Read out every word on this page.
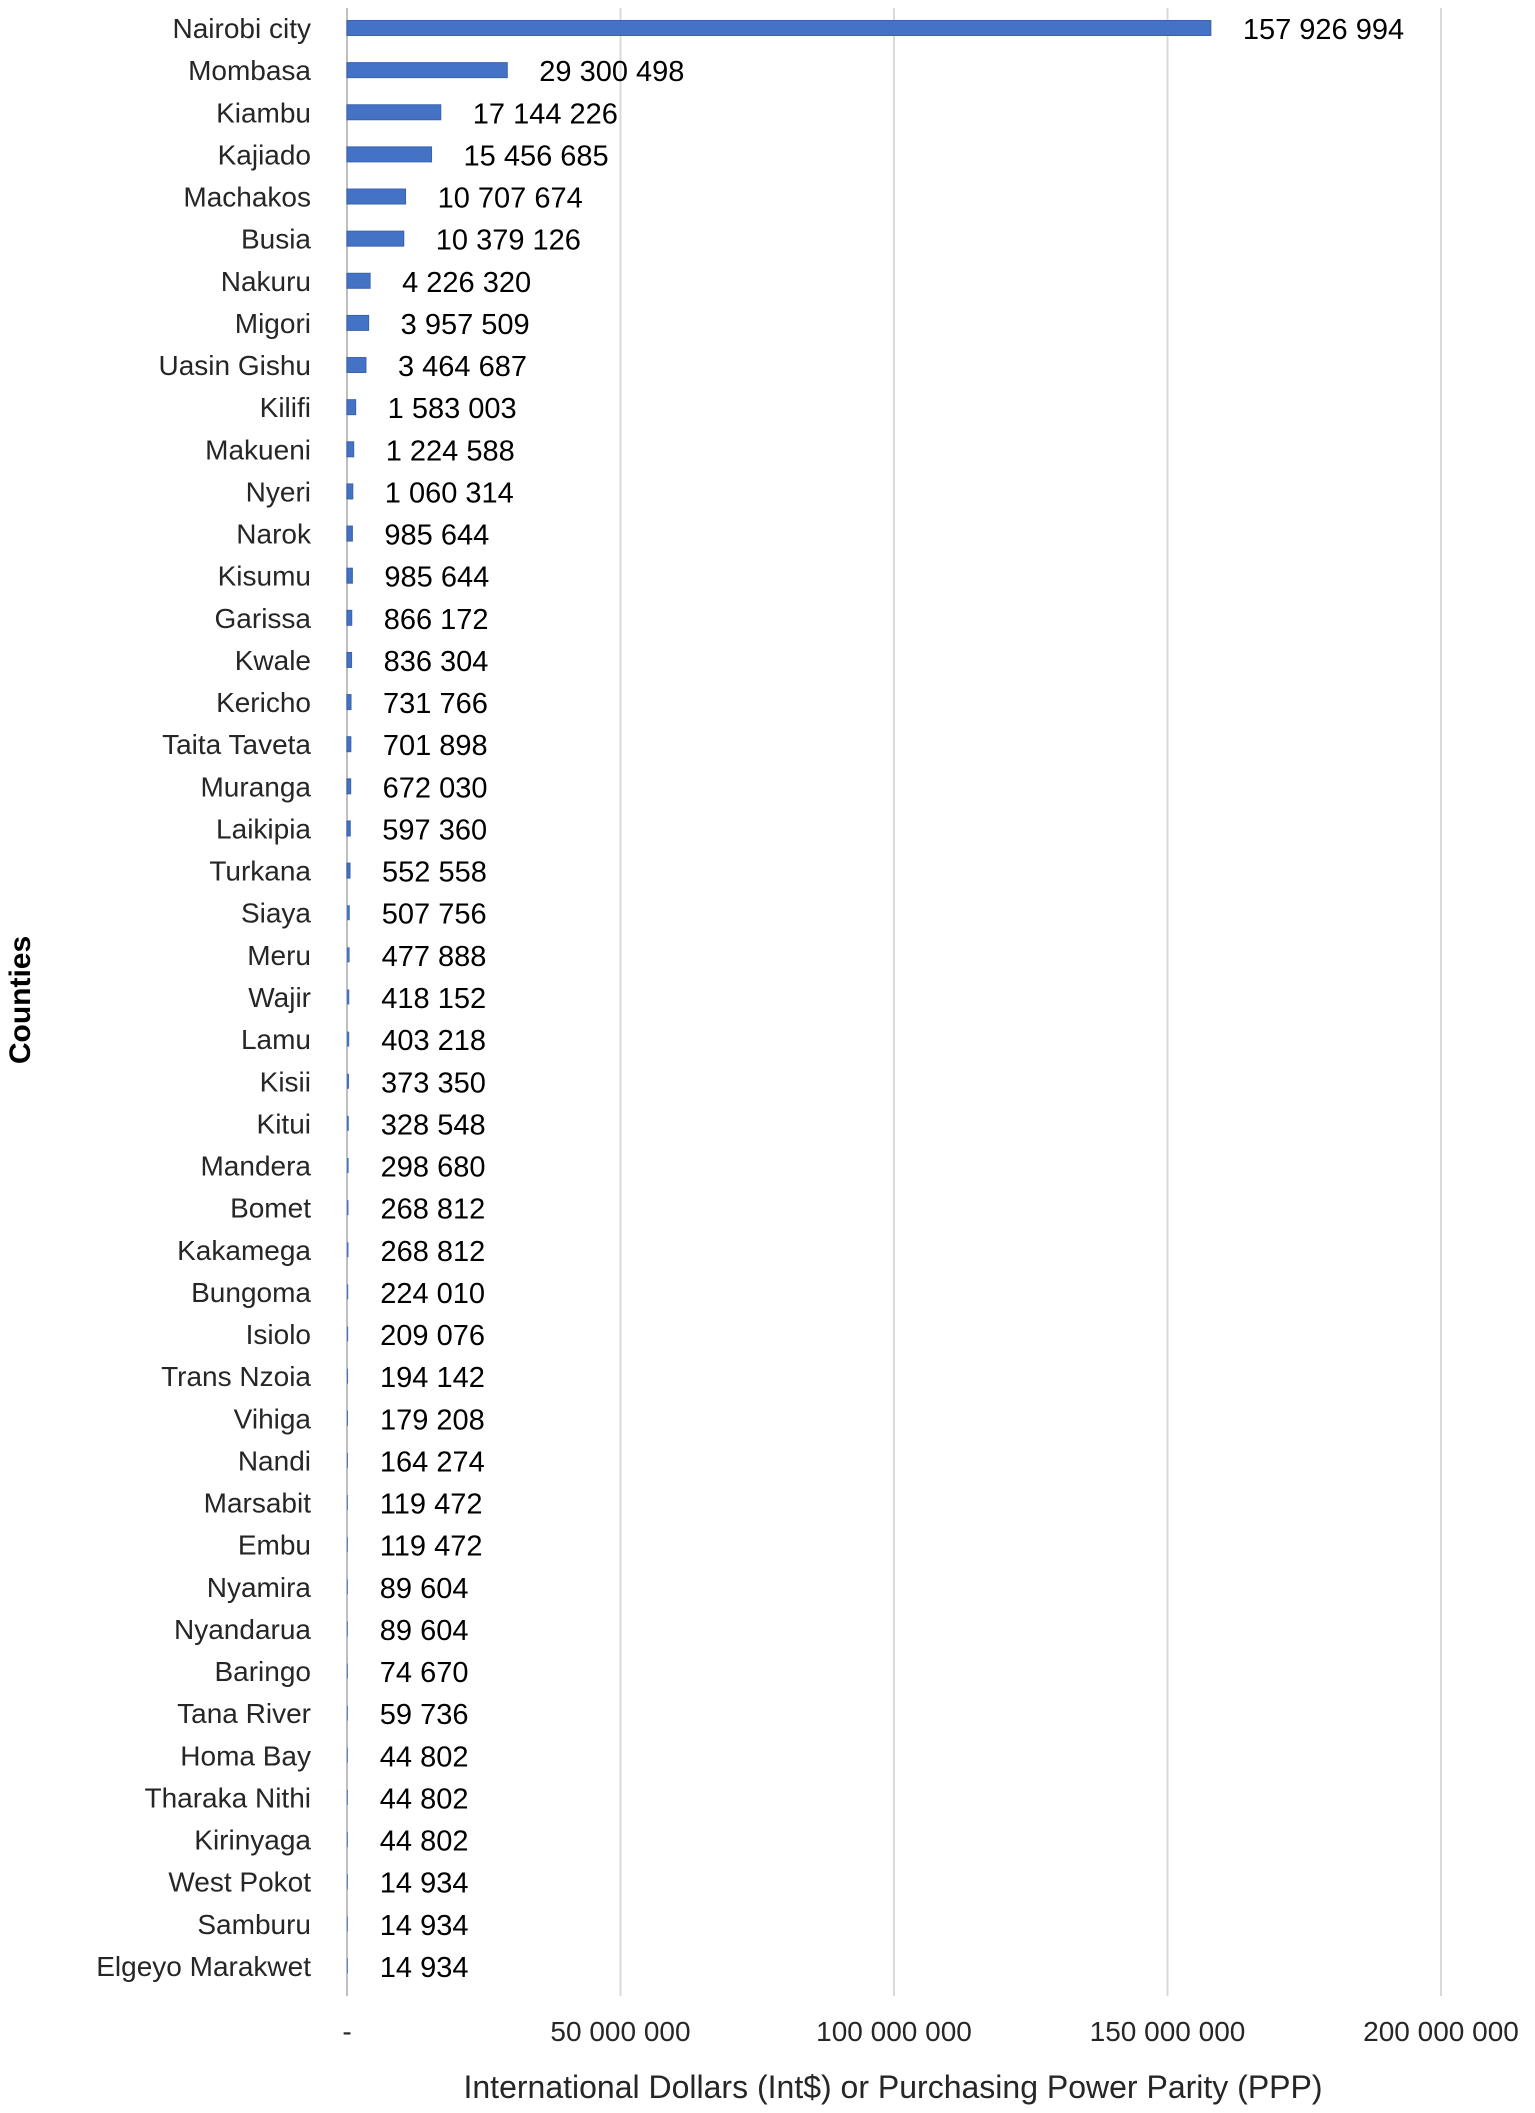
Nairobi city
Mombasa
Kiambu
Kajiado
Machakos
Busia
Nakuru
Migori
Uasin Gishu
Kilifi
Makueni
Nyeri
Narok
Kisumu
Garissa
Kwale
Kericho
Taita Taveta
Muranga
Laikipia
Turkana
Siaya
Meru
Wajir
Lamu
Kisii
Kitui
Mandera
Bomet
Kakamega
Bungoma
Isiolo
Trans Nzoia
Vihiga
Nandi
Marsabit
Embu
Nyamira
Nyandarua
Baringo
Tana River
Homa Bay
Tharaka Nithi
Kirinyaga
West Pokot
Samburu
Elgeyo Marakwet
157 926 994
29 300 498
17 144 226
15 456 685
10 707 674
10 379 126
4 226 320
3 957 509
3 464 687
1 583 003
1 224 588
1 060 314
985 644
985 644
866 172
836 304
731 766
701 898
672 030
597 360
552 558
507 756
477 888
418 152
403 218
373 350
328 548
298 680
268 812
268 812
224 010
209 076
194 142
179 208
164 274
119 472
119 472
89 604
89 604
74 670
59 736
44 802
44 802
44 802
14 934
14 934
14 934
-	50 000 000	100 000 000	150 000 000	200 000 000
International Dollars (Int$) or Purchasing Power Parity (PPP)
Counties
